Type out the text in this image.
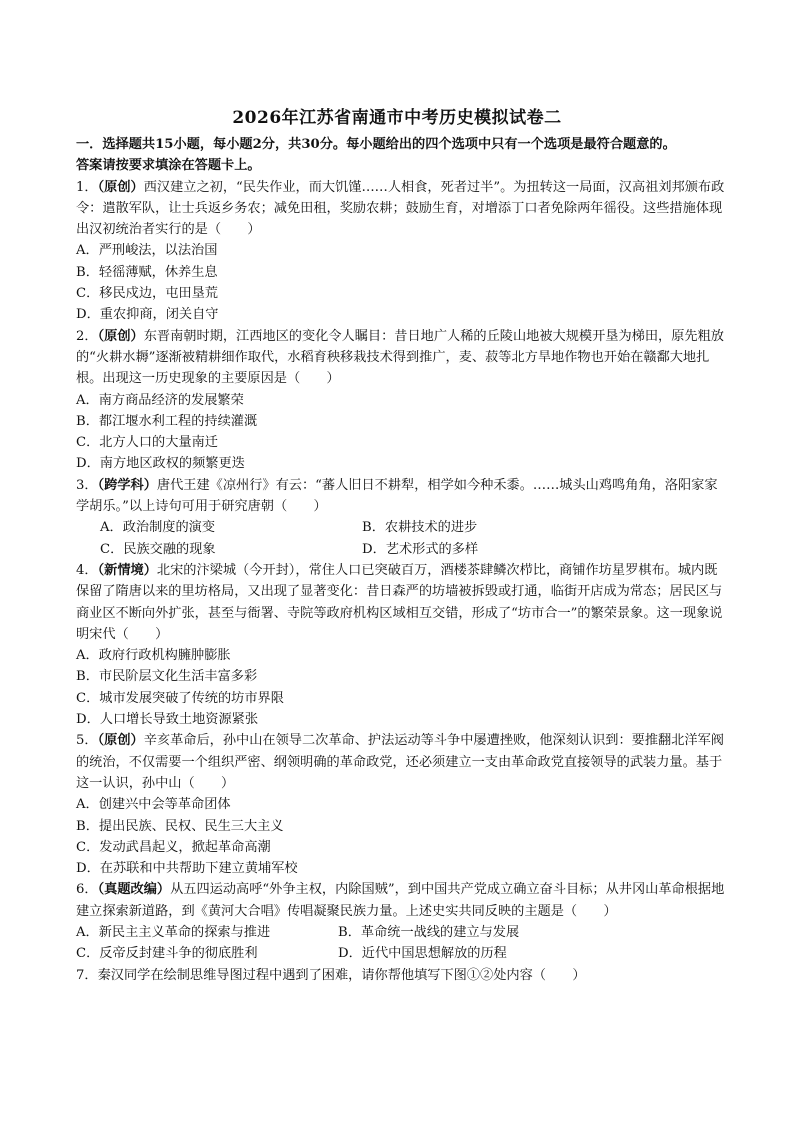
2026年江苏省南通市中考历史模拟试卷二

一．选择题共15小题，每小题2分，共30分。每小题给出的四个选项中只有一个选项是最符合题意的。

答案请按要求填涂在答题卡上。

1．（原创）西汉建立之初，“民失作业，而大饥馑……人相食，死者过半”。为扭转这一局面，汉高祖刘邦颁布政令：遣散军队，让士兵返乡务农；减免田租，奖励农耕；鼓励生育，对增添丁口者免除两年徭役。这些措施体现出汉初统治者实行的是（　　）

A．严刑峻法，以法治国

B．轻徭薄赋，休养生息

C．移民戍边，屯田垦荒

D．重农抑商，闭关自守

2．（原创）东晋南朝时期，江西地区的变化令人瞩目：昔日地广人稀的丘陵山地被大规模开垦为梯田，原先粗放的“火耕水耨”逐渐被精耕细作取代，水稻育秧移栽技术得到推广，麦、菽等北方旱地作物也开始在赣鄱大地扎根。出现这一历史现象的主要原因是（　　）

A．南方商品经济的发展繁荣

B．都江堰水利工程的持续灌溉

C．北方人口的大量南迁

D．南方地区政权的频繁更迭

3．（跨学科）唐代王建《凉州行》有云：“蕃人旧日不耕犁，相学如今种禾黍。……城头山鸡鸣角角，洛阳家家学胡乐。”以上诗句可用于研究唐朝（　　）

A．政治制度的演变	B．农耕技术的进步

C．民族交融的现象	D．艺术形式的多样

4．（新情境）北宋的汴梁城（今开封），常住人口已突破百万，酒楼茶肆鳞次栉比，商铺作坊星罗棋布。城内既保留了隋唐以来的里坊格局，又出现了显著变化：昔日森严的坊墙被拆毁或打通，临街开店成为常态；居民区与商业区不断向外扩张，甚至与衙署、寺院等政府机构区域相互交错，形成了“坊市合一”的繁荣景象。这一现象说明宋代（　　）

A．政府行政机构臃肿膨胀

B．市民阶层文化生活丰富多彩

C．城市发展突破了传统的坊市界限

D．人口增长导致土地资源紧张

5．（原创）辛亥革命后，孙中山在领导二次革命、护法运动等斗争中屡遭挫败，他深刻认识到：要推翻北洋军阀的统治，不仅需要一个组织严密、纲领明确的革命政党，还必须建立一支由革命政党直接领导的武装力量。基于这一认识，孙中山（　　）

A．创建兴中会等革命团体

B．提出民族、民权、民生三大主义

C．发动武昌起义，掀起革命高潮

D．在苏联和中共帮助下建立黄埔军校

6．（真题改编）从五四运动高呼“外争主权，内除国贼”，到中国共产党成立确立奋斗目标；从井冈山革命根据地建立探索新道路，到《黄河大合唱》传唱凝聚民族力量。上述史实共同反映的主题是（　　）

A．新民主主义革命的探索与推进	B．革命统一战线的建立与发展

C．反帝反封建斗争的彻底胜利	D．近代中国思想解放的历程

7．秦汉同学在绘制思维导图过程中遇到了困难，请你帮他填写下图①②处内容（　　）
